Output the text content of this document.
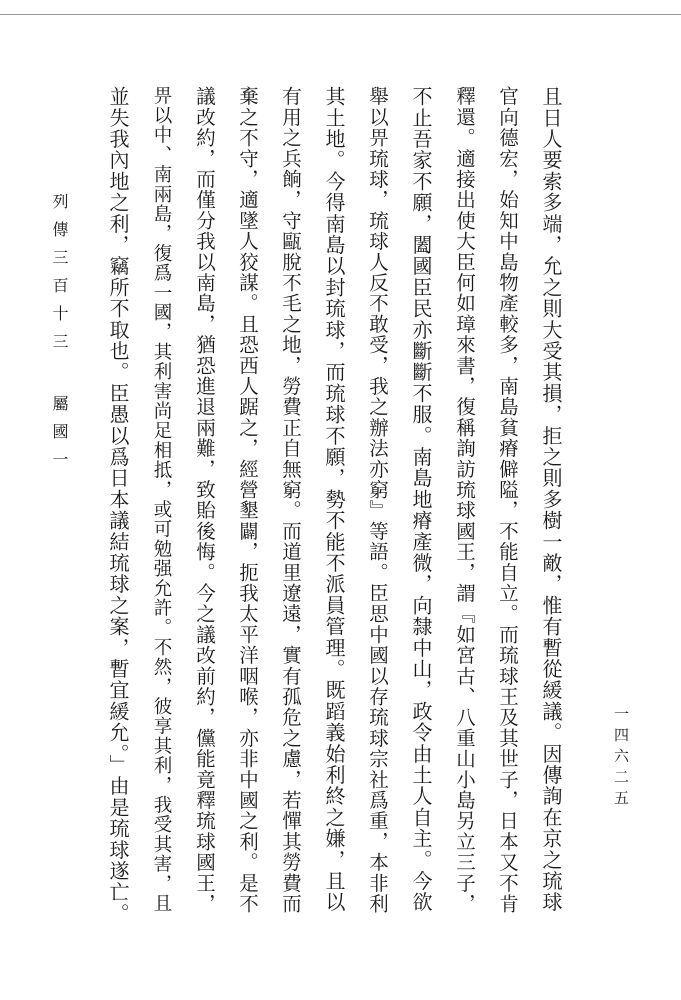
列傳三百十三屬國一	且日人要索多端，允之則大受其損，拒之則多樹一敵，惟有暫從緩議。因傳詢在京之琉球
官向德宏，始知中島物產較多，南島貧瘠僻隘，不能自立。而琉球王及其世子，日本又不肯
釋還。適接出使大臣何如璋來書，復稱詢訪琉球國王，謂『如宮古、八重山小島另立三子，
不止吾家不願，闔國臣民亦斷斷不服。南島地瘠產微，向隸中山，政令由土人自主。今欲
舉以畀琉球，琉球人反不敢受，我之辦法亦窮』等語。臣思中國以存琉球宗社爲重，本非利
其土地。今得南島以封琉球，而琉球不願，勢不能不派員管理。既蹈義始利終之嫌，且以
有用之兵餉，守甌脫不毛之地，勞費正自無窮。而道里遼遠，實有孤危之慮，若憚其勞費而
棄之不守，適墜人狡謀。且恐西人踞之，經營墾闢，扼我太平洋咽喉，亦非中國之利。是不
議改約，而僅分我以南島，猶恐進退兩難，致貽後悔。今之議改前約，儻能竟釋琉球國王，
畀以中、南兩島，復爲一國，其利害尚足相抵，或可勉强允許。不然，彼享其利，我受其害，且
並失我內地之利，竊所不取也。臣愚以爲日本議結琉球之案，暫宜緩允。」由是琉球遂亡。	一四六二五
